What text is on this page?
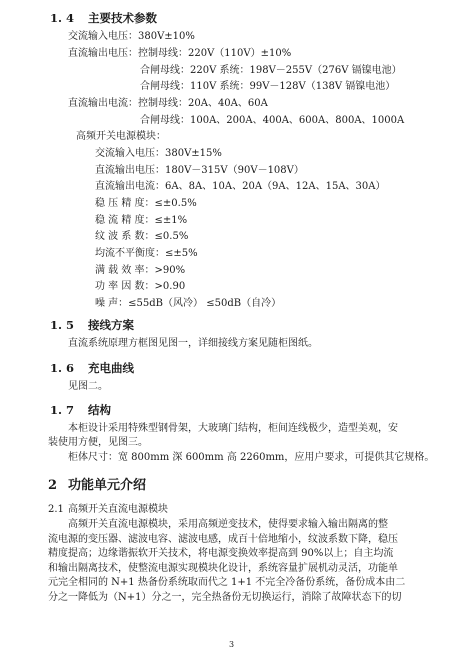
1. 4 主要技术参数
交流输入电压：380V±10%
直流输出电压：控制母线：220V（110V）±10%
合闸母线：220V 系统：198V－255V（276V 镉镍电池）
合闸母线：110V 系统：99V－128V（138V 镉镍电池）
直流输出电流：控制母线：20A、40A、60A
合闸母线：100A、200A、400A、600A、800A、1000A
高频开关电源模块：
交流输入电压：380V±15%
直流输出电压：180V－315V（90V－108V）
直流输出电流：6A、8A、10A、20A（9A、12A、15A、30A）
稳 压 精 度：≤±0.5%
稳 流 精 度：≤±1%
纹 波 系 数：≤0.5%
均流不平衡度：≤±5%
满 载 效 率：>90%
功 率 因 数：>0.90
噪 声：≤55dB（风冷） ≤50dB（自冷）
1. 5 接线方案
直流系统原理方框图见图一，详细接线方案见随柜图纸。
1. 6 充电曲线
见图二。
1. 7 结构
本柜设计采用特殊型钢骨架，大玻璃门结构，柜间连线极少，造型美观，安
装使用方便，见图三。
柜体尺寸：宽 800mm 深 600mm 高 2260mm，应用户要求，可提供其它规格。
2 功能单元介绍
2.1 高频开关直流电源模块
高频开关直流电源模块，采用高频逆变技术，使得要求输入输出隔离的整
流电源的变压器、滤波电容、滤波电感，成百十倍地缩小，纹波系数下降，稳压
精度提高；边缘谐振软开关技术，将电源变换效率提高到 90%以上；自主均流
和输出隔离技术，使整流电源实现模块化设计，系统容量扩展机动灵活，功能单
元完全相同的 N+1 热备份系统取而代之 1+1 不完全冷备份系统，备份成本由二
分之一降低为（N+1）分之一，完全热备份无切换运行，消除了故障状态下的切
3
